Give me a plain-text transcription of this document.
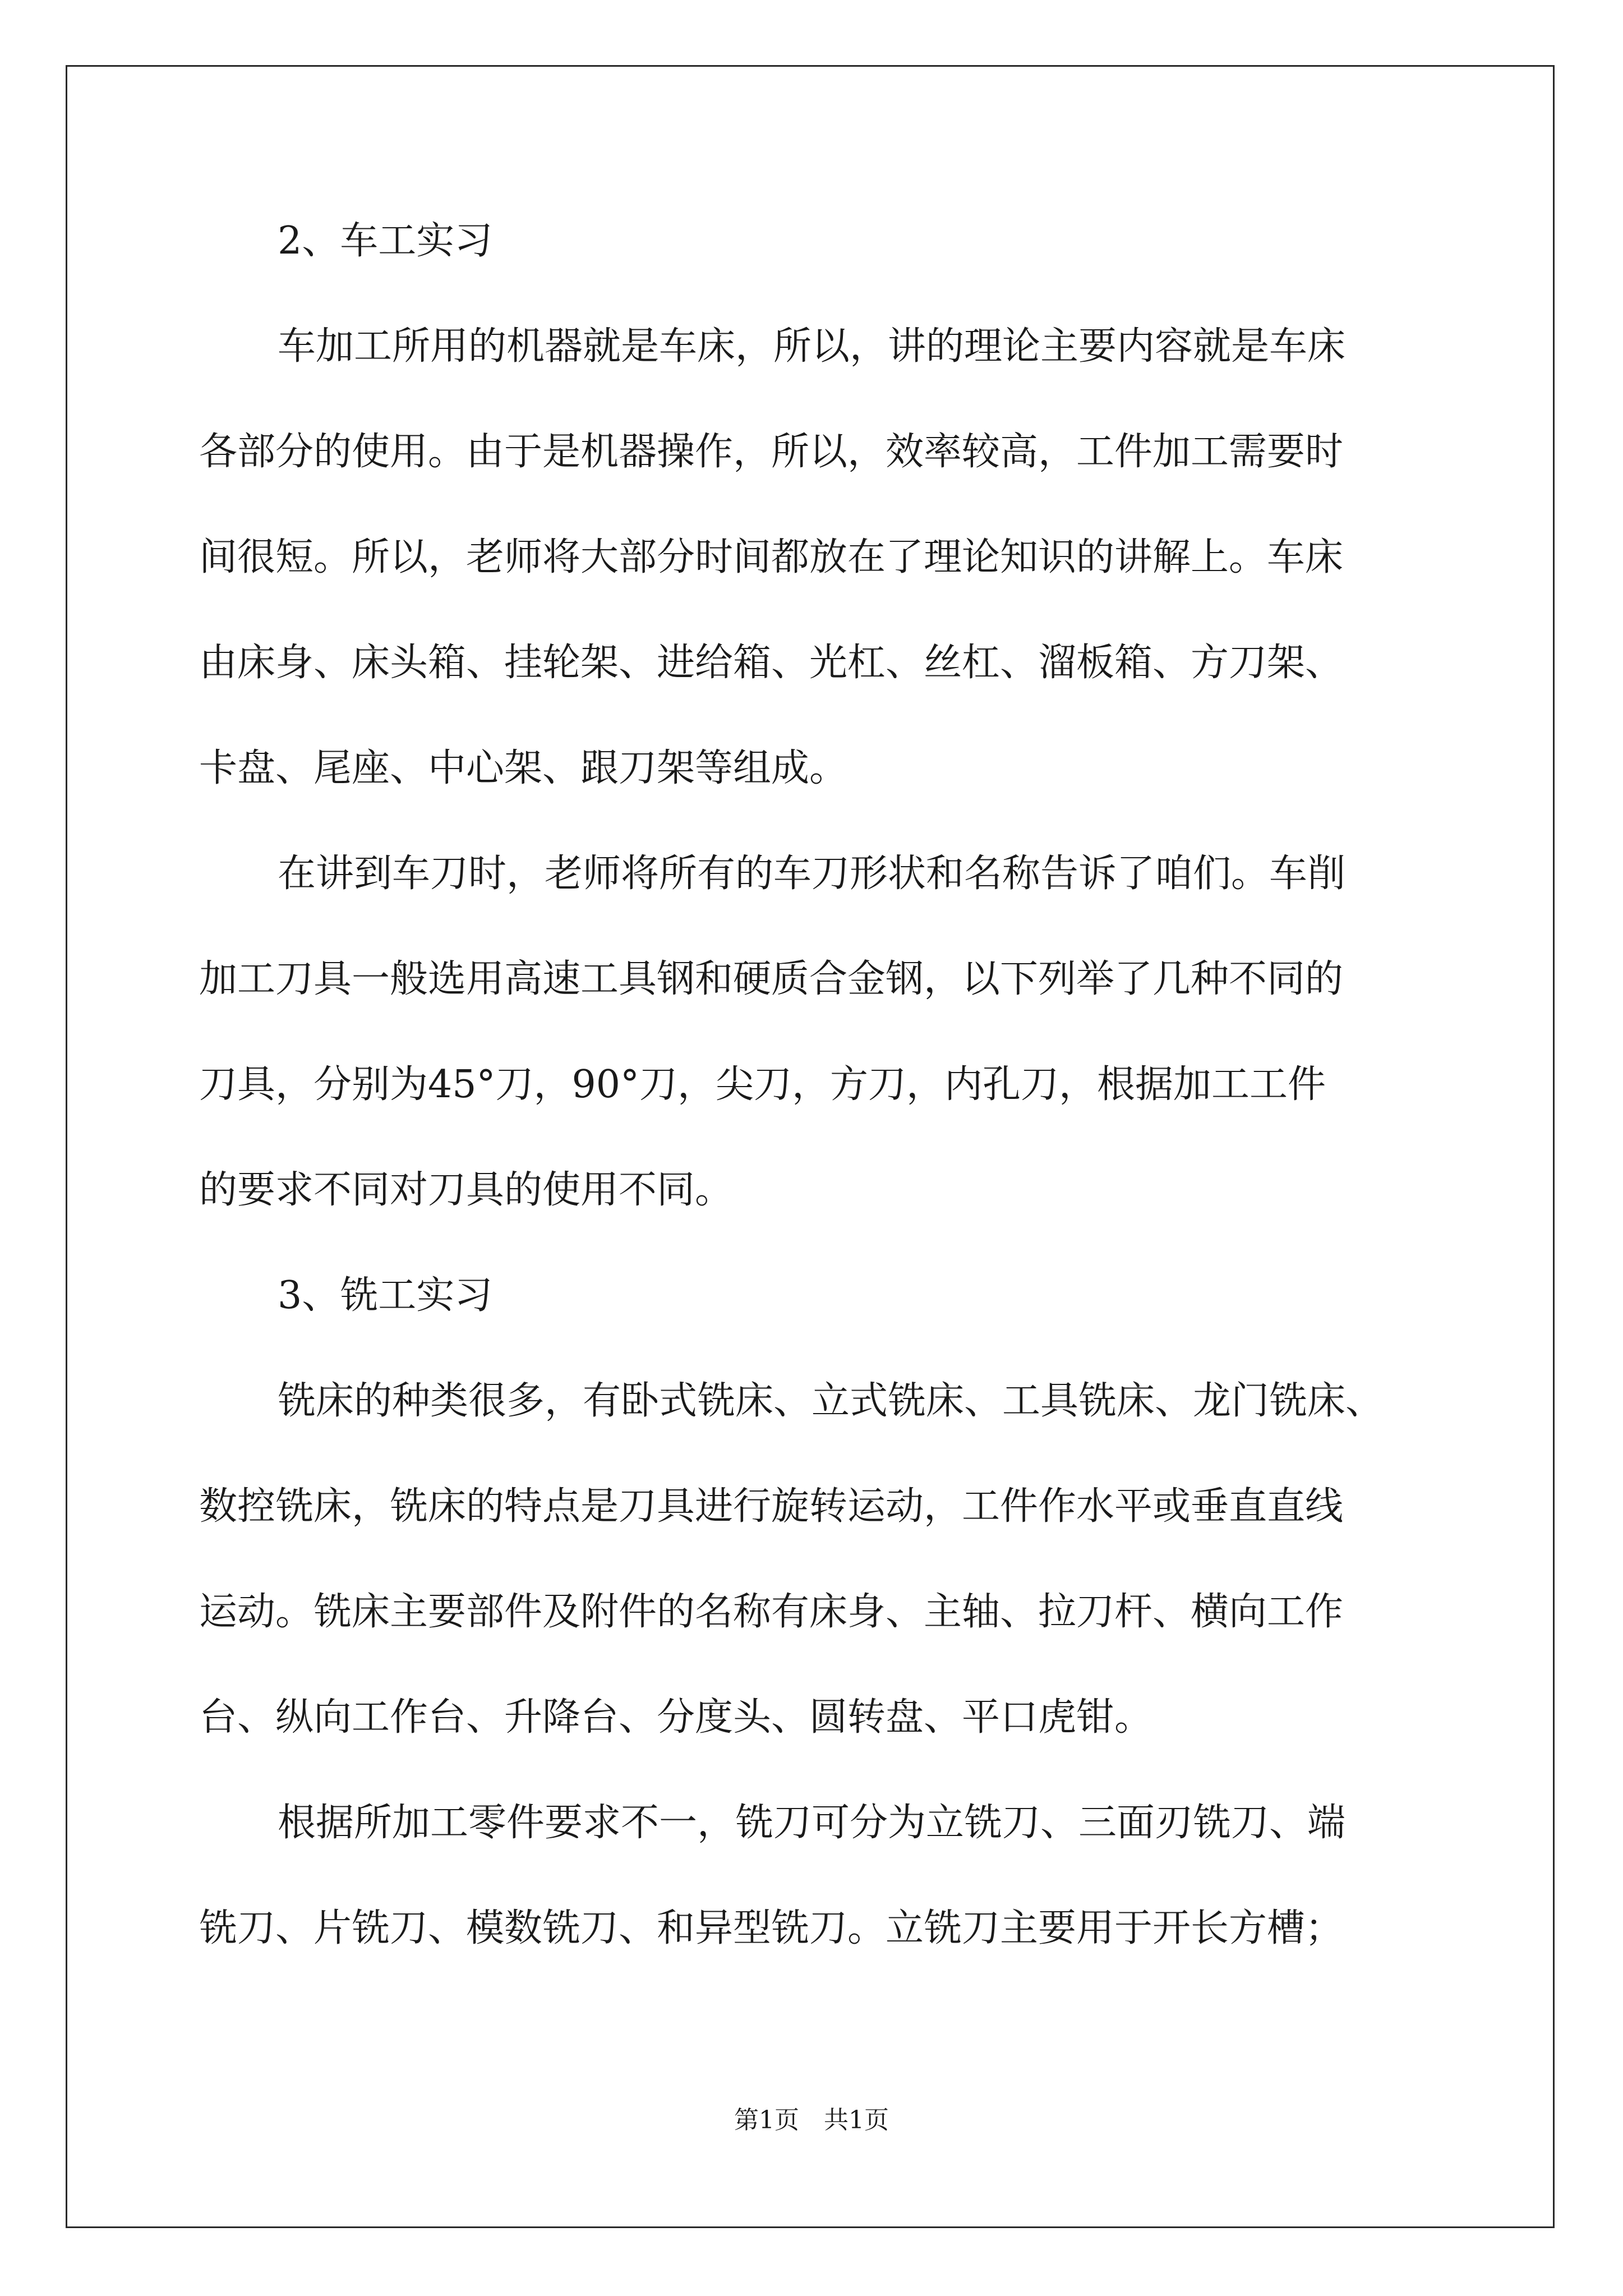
2、车工实习
车加工所用的机器就是车床，所以，讲的理论主要内容就是车床
各部分的使用。由于是机器操作，所以，效率较高，工件加工需要时
间很短。所以，老师将大部分时间都放在了理论知识的讲解上。车床
由床身、床头箱、挂轮架、进给箱、光杠、丝杠、溜板箱、方刀架、
卡盘、尾座、中心架、跟刀架等组成。
在讲到车刀时，老师将所有的车刀形状和名称告诉了咱们。车削
加工刀具一般选用高速工具钢和硬质合金钢，以下列举了几种不同的
刀具，分别为45°刀，90°刀，尖刀，方刀，内孔刀，根据加工工件
的要求不同对刀具的使用不同。
3、铣工实习
铣床的种类很多，有卧式铣床、立式铣床、工具铣床、龙门铣床、
数控铣床，铣床的特点是刀具进行旋转运动，工件作水平或垂直直线
运动。铣床主要部件及附件的名称有床身、主轴、拉刀杆、横向工作
台、纵向工作台、升降台、分度头、圆转盘、平口虎钳。
根据所加工零件要求不一，铣刀可分为立铣刀、三面刃铣刀、端
铣刀、片铣刀、模数铣刀、和异型铣刀。立铣刀主要用于开长方槽；
第1页　共1页
